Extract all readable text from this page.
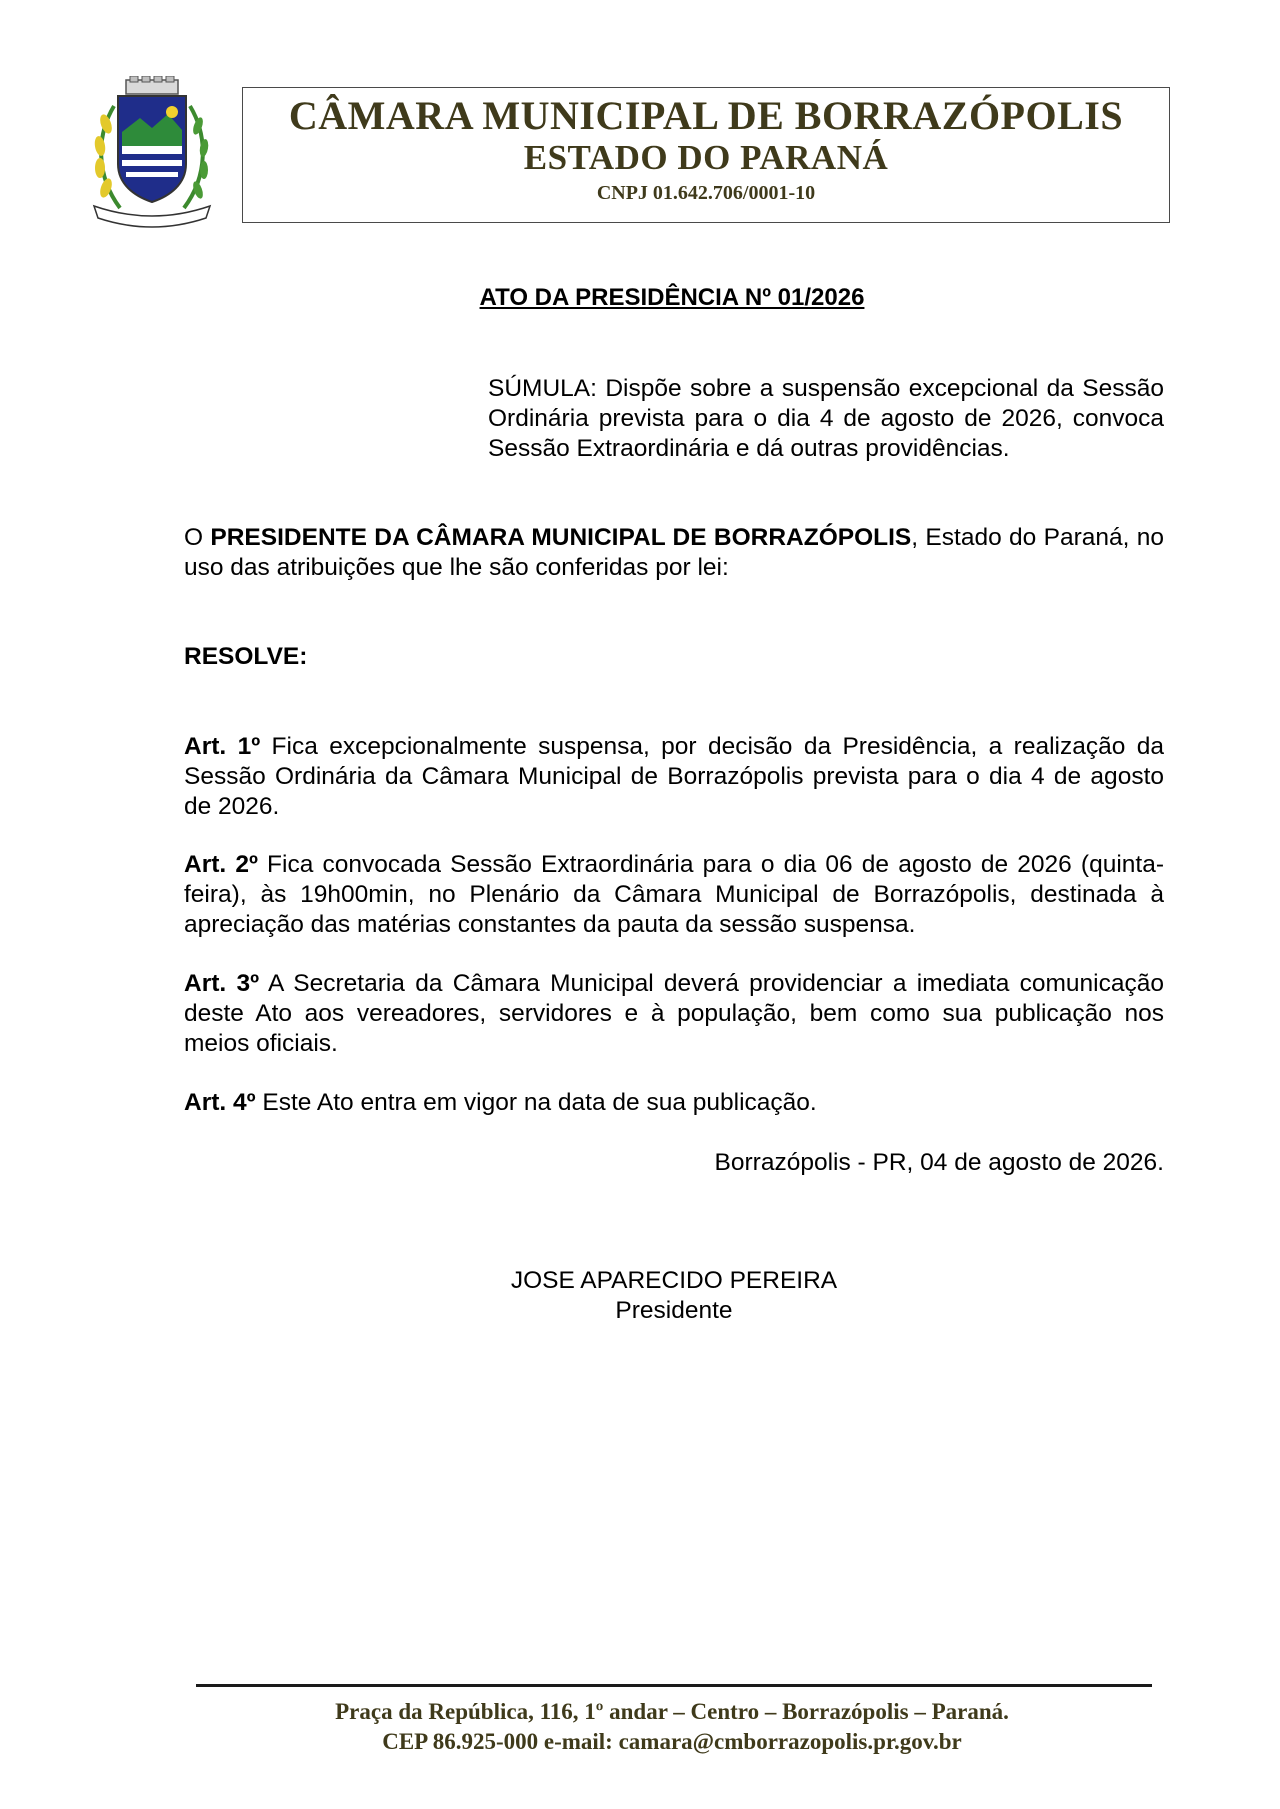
CÂMARA MUNICIPAL DE BORRAZÓPOLIS
ESTADO DO PARANÁ
CNPJ 01.642.706/0001-10
ATO DA PRESIDÊNCIA Nº 01/2026
SÚMULA: Dispõe sobre a suspensão excepcional da Sessão Ordinária prevista para o dia 4 de agosto de 2026, convoca Sessão Extraordinária e dá outras providências.
O PRESIDENTE DA CÂMARA MUNICIPAL DE BORRAZÓPOLIS, Estado do Paraná, no uso das atribuições que lhe são conferidas por lei:
RESOLVE:
Art. 1º Fica excepcionalmente suspensa, por decisão da Presidência, a realização da Sessão Ordinária da Câmara Municipal de Borrazópolis prevista para o dia 4 de agosto de 2026.
Art. 2º Fica convocada Sessão Extraordinária para o dia 06 de agosto de 2026 (quinta-feira), às 19h00min, no Plenário da Câmara Municipal de Borrazópolis, destinada à apreciação das matérias constantes da pauta da sessão suspensa.
Art. 3º A Secretaria da Câmara Municipal deverá providenciar a imediata comunicação deste Ato aos vereadores, servidores e à população, bem como sua publicação nos meios oficiais.
Art. 4º Este Ato entra em vigor na data de sua publicação.
Borrazópolis - PR, 04 de agosto de 2026.
JOSE APARECIDO PEREIRA
Presidente
Praça da República, 116, 1º andar – Centro – Borrazópolis – Paraná.
CEP 86.925-000 e-mail: camara@cmborrazopolis.pr.gov.br
